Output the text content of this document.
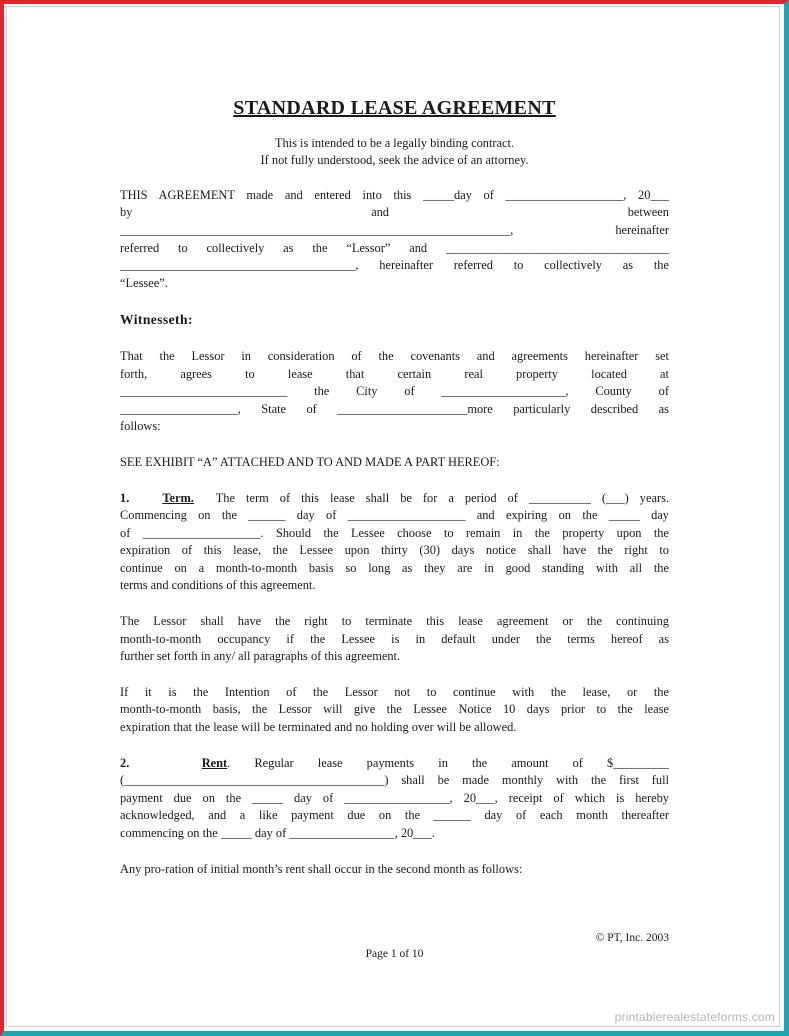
STANDARD LEASE AGREEMENT

This is intended to be a legally binding contract.

If not fully understood, seek the advice of an attorney.

THIS AGREEMENT made and entered into this _____day of ___________________, 20___
by and between
_______________________________________________________________, hereinafter
referred to collectively as the “Lessor” and ____________________________________
______________________________________, hereinafter referred to collectively as the
“Lessee”.

Witnesseth:

That the Lessor in consideration of the covenants and agreements hereinafter set
forth, agrees to lease that certain real property located at
___________________________ the City of ____________________, County of
___________________, State of _____________________more particularly described as
follows:

SEE EXHIBIT “A” ATTACHED AND TO AND MADE A PART HEREOF:

1.	Term. The term of this lease shall be for a period of __________ (___) years.
Commencing on the ______ day of ___________________ and expiring on the _____ day
of ___________________. Should the Lessee choose to remain in the property upon the
expiration of this lease, the Lessee upon thirty (30) days notice shall have the right to
continue on a month-to-month basis so long as they are in good standing with all the
terms and conditions of this agreement.
The Lessor shall have the right to terminate this lease agreement or the continuing
month-to-month occupancy if the Lessee is in default under the terms hereof as
further set forth in any/ all paragraphs of this agreement.
If it is the Intention of the Lessor not to continue with the lease, or the
month-to-month basis, the Lessor will give the Lessee Notice 10 days prior to the lease
expiration that the lease will be terminated and no holding over will be allowed.
2.	Rent. Regular lease payments in the amount of $_________
(__________________________________________) shall be made monthly with the first full
payment due on the _____ day of _________________, 20___, receipt of which is hereby
acknowledged, and a like payment due on the ______ day of each month thereafter
commencing on the _____ day of _________________, 20___.

Any pro-ration of initial month’s rent shall occur in the second month as follows:

© PT, Inc. 2003
Page 1 of 10
printablerealestateforms.com
